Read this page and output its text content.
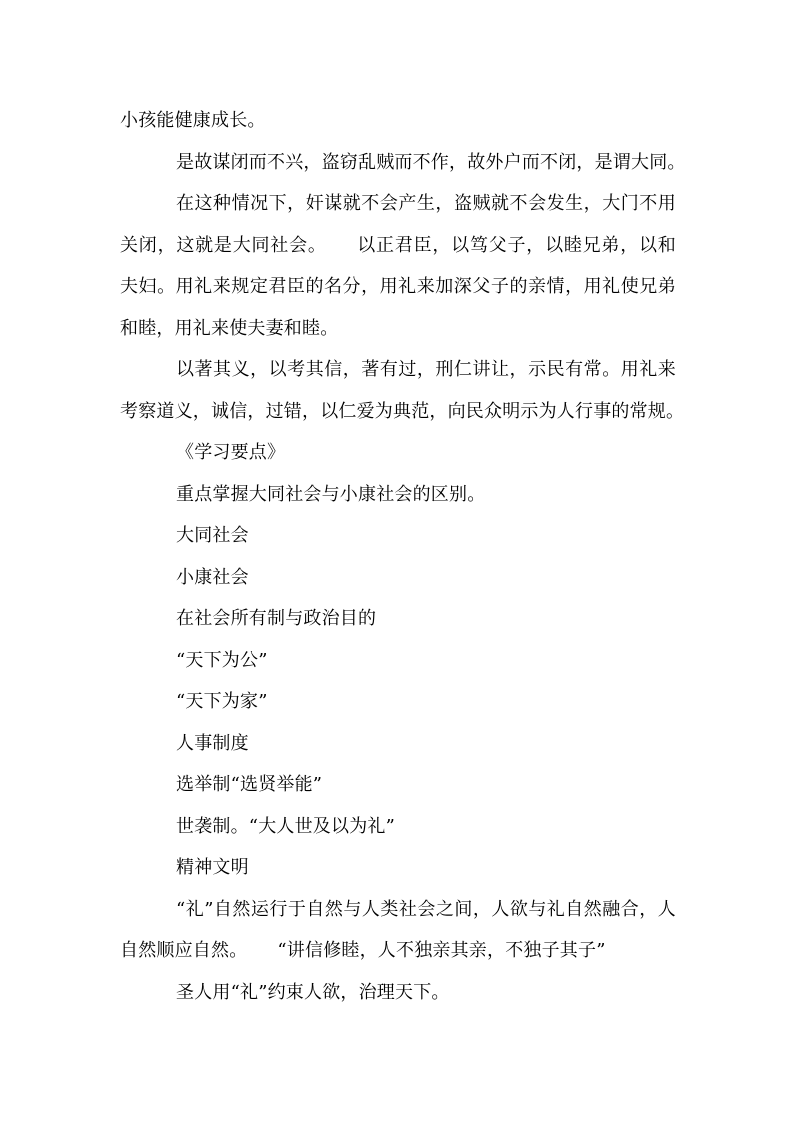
小孩能健康成长。
是故谋闭而不兴，盗窃乱贼而不作，故外户而不闭，是谓大同。
在这种情况下，奸谋就不会产生，盗贼就不会发生，大门不用
关闭，这就是大同社会。 以正君臣，以笃父子，以睦兄弟，以和
夫妇。用礼来规定君臣的名分，用礼来加深父子的亲情，用礼使兄弟
和睦，用礼来使夫妻和睦。
以著其义，以考其信，著有过，刑仁讲让，示民有常。用礼来
考察道义，诚信，过错，以仁爱为典范，向民众明示为人行事的常规。
《学习要点》
重点掌握大同社会与小康社会的区别。
大同社会
小康社会
在社会所有制与政治目的
“天下为公”
“天下为家”
人事制度
选举制“选贤举能”
世袭制。“大人世及以为礼”
精神文明
“礼”自然运行于自然与人类社会之间，人欲与礼自然融合，人
自然顺应自然。 “讲信修睦，人不独亲其亲，不独子其子”
圣人用“礼”约束人欲，治理天下。
